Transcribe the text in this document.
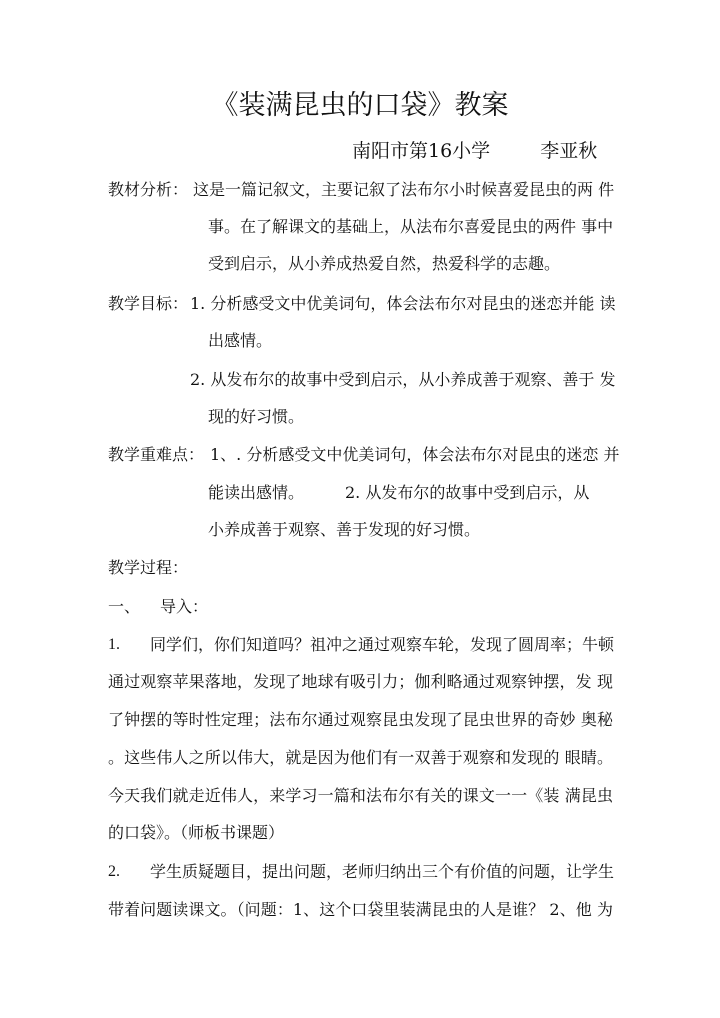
《装满昆虫的口袋》教案
南阳市第16小学	李亚秋
教材分析： 这是一篇记叙文，主要记叙了法布尔小时候喜爱昆虫的两 件
事。在了解课文的基础上，从法布尔喜爱昆虫的两件 事中
受到启示，从小养成热爱自然，热爱科学的志趣。
教学目标： 1. 分析感受文中优美词句，体会法布尔对昆虫的迷恋并能 读
出感情。
2. 从发布尔的故事中受到启示，从小养成善于观察、善于 发
现的好习惯。
教学重难点： 1、. 分析感受文中优美词句，体会法布尔对昆虫的迷恋 并
能读出感情。	2. 从发布尔的故事中受到启示，从
小养成善于观察、善于发现的好习惯。
教学过程：
一、 导入：
1. 同学们，你们知道吗？祖冲之通过观察车轮，发现了圆周率；牛顿
通过观察苹果落地，发现了地球有吸引力；伽利略通过观察钟摆，发 现
了钟摆的等时性定理；法布尔通过观察昆虫发现了昆虫世界的奇妙 奥秘
。这些伟人之所以伟大，就是因为他们有一双善于观察和发现的 眼睛。
今天我们就走近伟人，来学习一篇和法布尔有关的课文一一《装 满昆虫
的口袋》。（师板书课题）
2. 学生质疑题目，提出问题，老师归纳出三个有价值的问题，让学生
带着问题读课文。（问题：1、这个口袋里装满昆虫的人是谁？ 2、他 为
